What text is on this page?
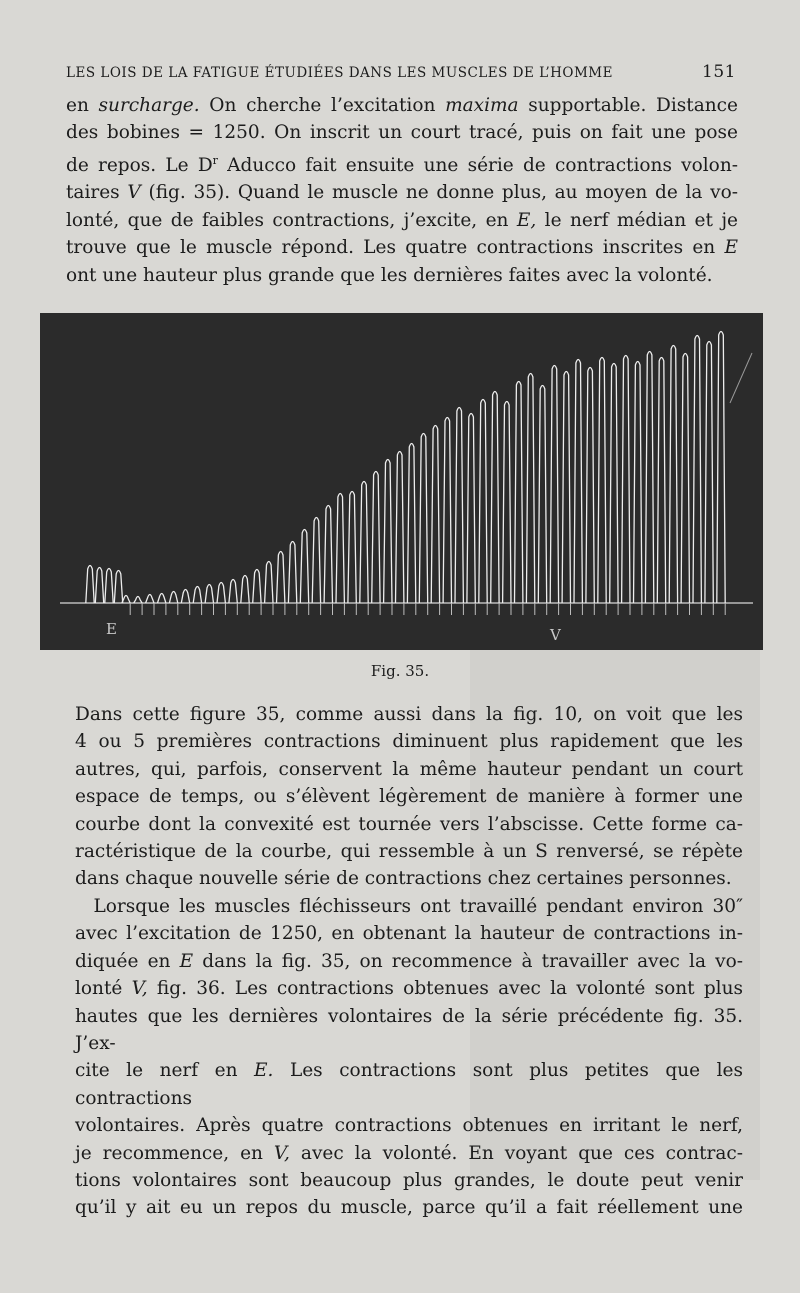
LES LOIS DE LA FATIGUE ÉTUDIÉES DANS LES MUSCLES DE L’HOMME	151

en surcharge. On cherche l’excitation maxima supportable. Distance
des bobines = 1250. On inscrit un court tracé, puis on fait une pose
de repos. Le $D^r$ Aducco fait ensuite une série de contractions volon-
taires V (fig. 35). Quand le muscle ne donne plus, au moyen de la vo-
lonté, que de faibles contractions, j’excite, en E, le nerf médian et je
trouve que le muscle répond. Les quatre contractions inscrites en E
ont une hauteur plus grande que les dernières faites avec la volonté.

E	V
Fig. 35.

Dans cette figure 35, comme aussi dans la fig. 10, on voit que les
4 ou 5 premières contractions diminuent plus rapidement que les
autres, qui, parfois, conservent la même hauteur pendant un court
espace de temps, ou s’élèvent légèrement de manière à former une
courbe dont la convexité est tournée vers l’abscisse. Cette forme ca-
ractéristique de la courbe, qui ressemble à un S renversé, se répète
dans chaque nouvelle série de contractions chez certaines personnes.

 Lorsque les muscles fléchisseurs ont travaillé pendant environ 30″
avec l’excitation de 1250, en obtenant la hauteur de contractions in-
diquée en E dans la fig. 35, on recommence à travailler avec la vo-
lonté V, fig. 36. Les contractions obtenues avec la volonté sont plus
hautes que les dernières volontaires de la série précédente fig. 35. J’ex-
cite le nerf en E. Les contractions sont plus petites que les contractions
volontaires. Après quatre contractions obtenues en irritant le nerf,
je recommence, en V, avec la volonté. En voyant que ces contrac-
tions volontaires sont beaucoup plus grandes, le doute peut venir
qu’il y ait eu un repos du muscle, parce qu’il a fait réellement une
